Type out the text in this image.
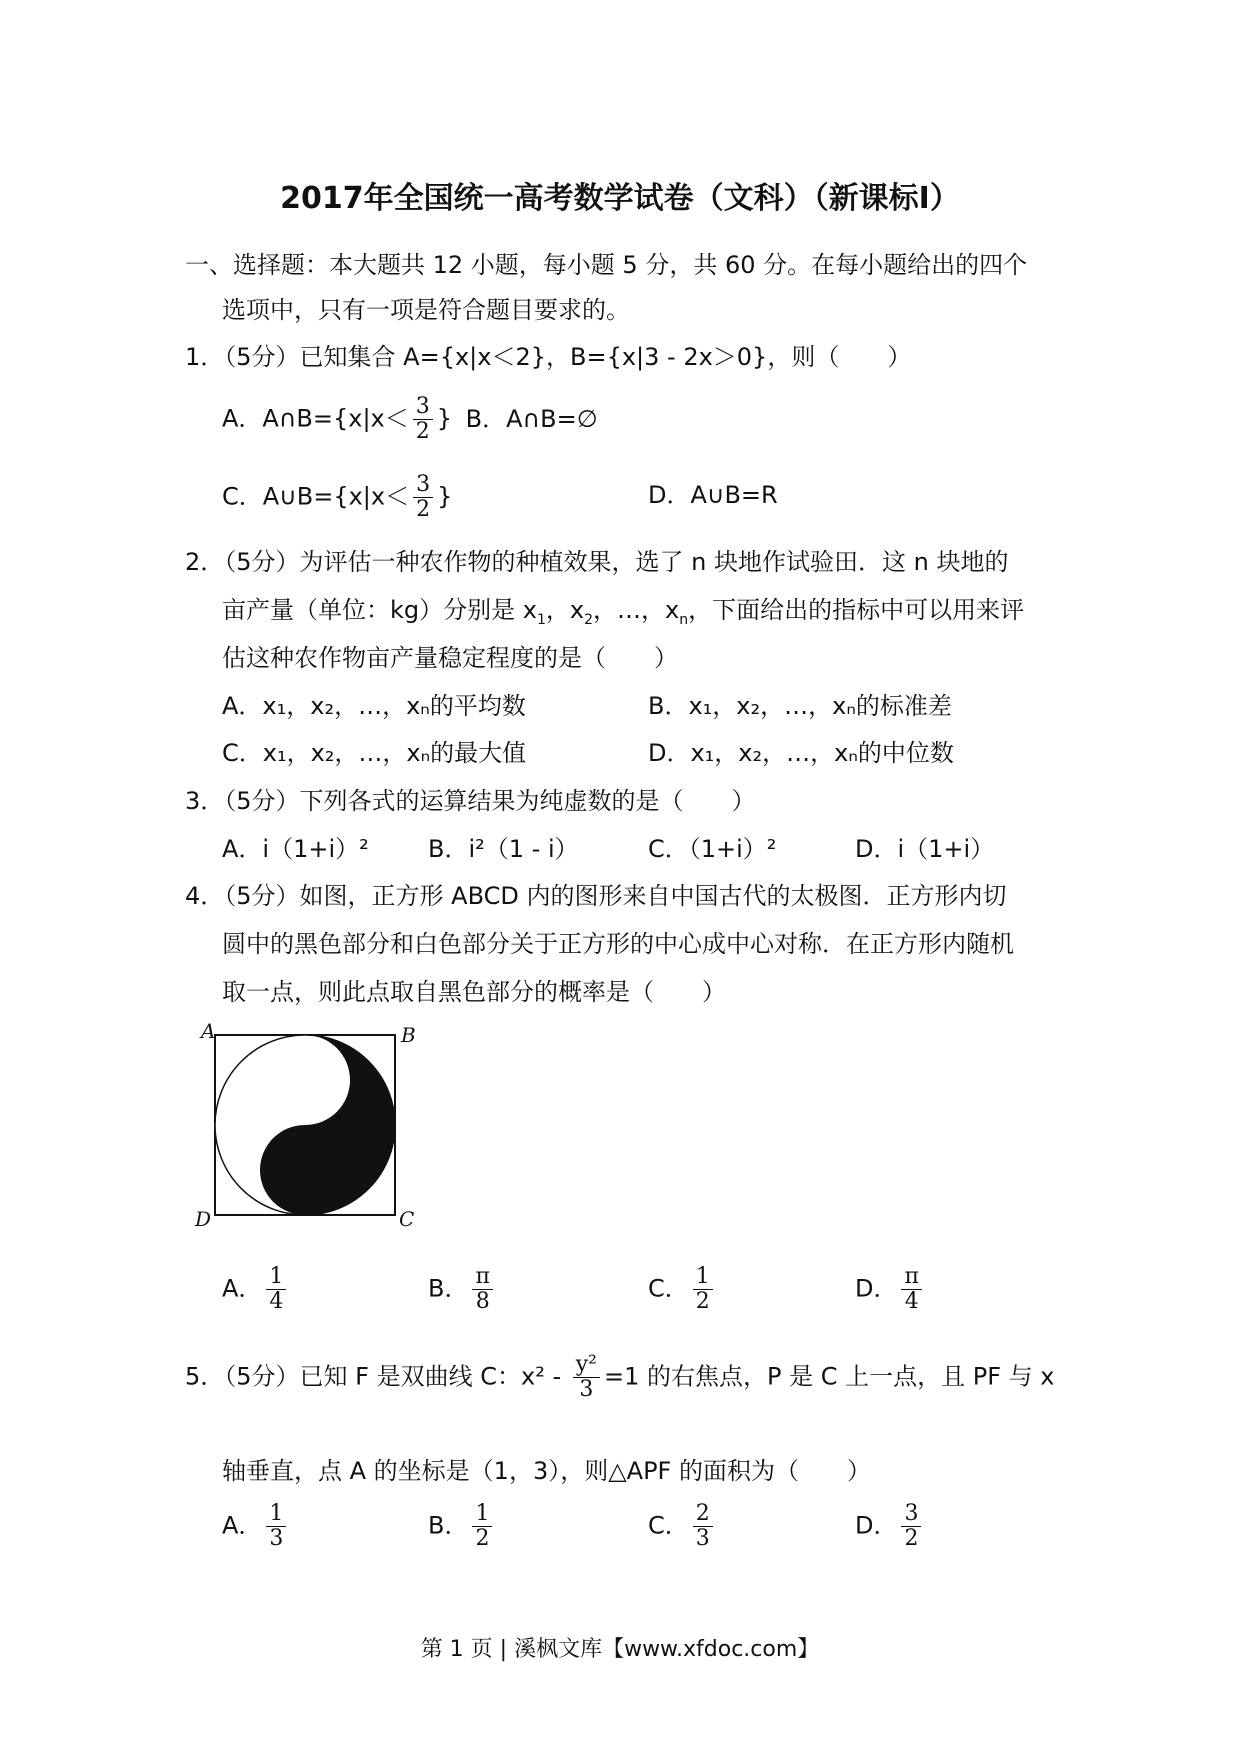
2017年全国统一高考数学试卷（文科）（新课标Ⅰ）
一、选择题：本大题共 12 小题，每小题 5 分，共 60 分。在每小题给出的四个
选项中，只有一项是符合题目要求的。
1．（5分）已知集合 A={x|x＜2}，B={x|3 - 2x＞0}，则（　　）
A．A∩B={x|x＜ $\frac{3}{2}$ } B．A∩B=∅
C．A∪B={x|x＜ $\frac{3}{2}$ }	D．A∪B=R
2．（5分）为评估一种农作物的种植效果，选了 n 块地作试验田．这 n 块地的
亩产量（单位：kg）分别是 $x_1$，$x_2$，…，$x_n$，下面给出的指标中可以用来评
估这种农作物亩产量稳定程度的是（　　）
A．x₁，x₂，…，xₙ的平均数	B．x₁，x₂，…，xₙ的标准差
C．x₁，x₂，…，xₙ的最大值	D．x₁，x₂，…，xₙ的中位数
3．（5分）下列各式的运算结果为纯虚数的是（　　）
A．i（1+i）² B．i²（1 - i）	C．（1+i）²	D．i（1+i）
4．（5分）如图，正方形 ABCD 内的图形来自中国古代的太极图．正方形内切
圆中的黑色部分和白色部分关于正方形的中心成中心对称．在正方形内随机
取一点，则此点取自黑色部分的概率是（　　）
A	B
C
D
A． $\frac{1}{4}$	B． $\frac{\pi}{8}$	C． $\frac{1}{2}$	D． $\frac{\pi}{4}$
5．（5分）已知 F 是双曲线 C：$x^2 - \frac{\text{y²}}{3} =1$ 的右焦点，P 是 C 上一点，且 PF 与 x
轴垂直，点 A 的坐标是（1，3），则△APF 的面积为（　　）
A． $\frac{1}{3}$	B． $\frac{1}{2}$	C． $\frac{2}{3}$	D． $\frac{3}{2}$
第 1 页 | 溪枫文库【www.xfdoc.com】
